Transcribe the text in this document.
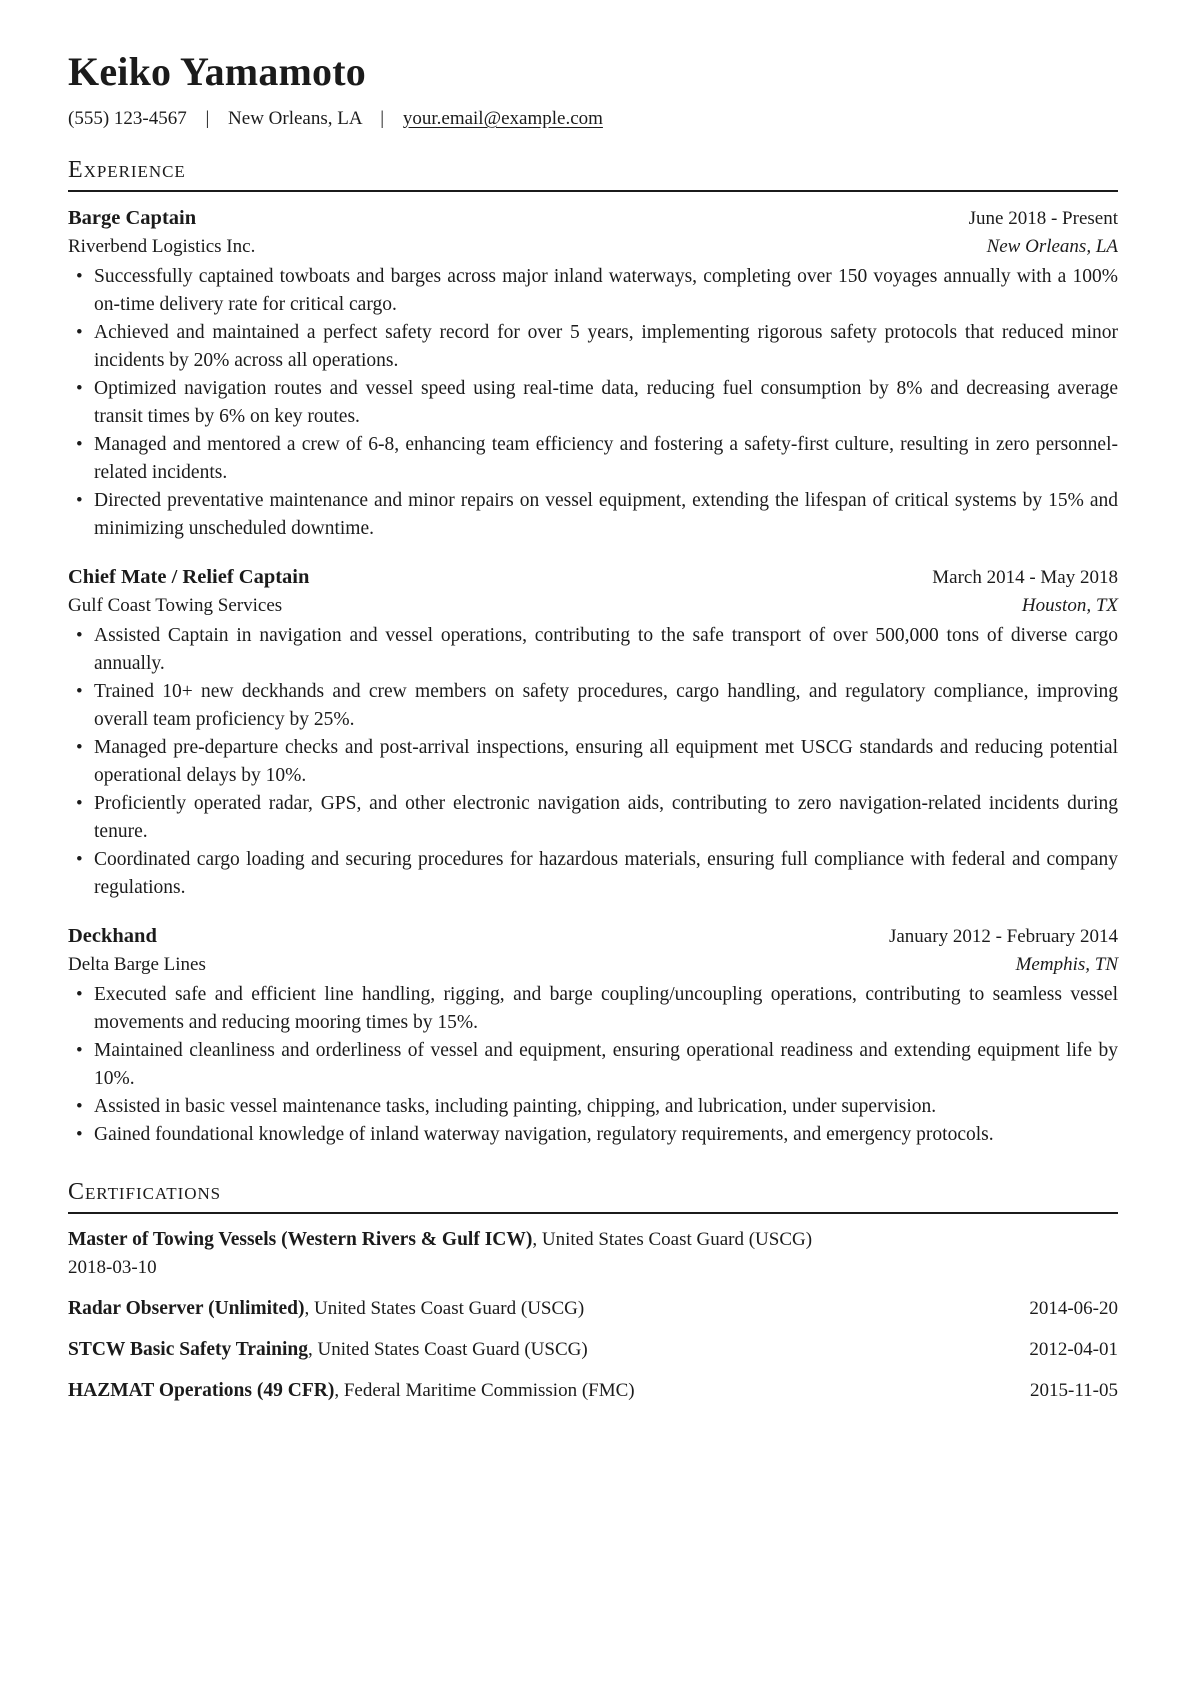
Keiko Yamamoto
(555) 123-4567 | New Orleans, LA | your.email@example.com
Experience
Barge Captain	June 2018 - Present
Riverbend Logistics Inc.	New Orleans, LA
• Successfully captained towboats and barges across major inland waterways, completing over 150 voyages annually with a 100% on-time delivery rate for critical cargo.
• Achieved and maintained a perfect safety record for over 5 years, implementing rigorous safety protocols that reduced minor incidents by 20% across all operations.
• Optimized navigation routes and vessel speed using real-time data, reducing fuel consumption by 8% and decreasing average transit times by 6% on key routes.
• Managed and mentored a crew of 6-8, enhancing team efficiency and fostering a safety-first culture, resulting in zero personnel-related incidents.
• Directed preventative maintenance and minor repairs on vessel equipment, extending the lifespan of critical systems by 15% and minimizing unscheduled downtime.
Chief Mate / Relief Captain	March 2014 - May 2018
Gulf Coast Towing Services	Houston, TX
• Assisted Captain in navigation and vessel operations, contributing to the safe transport of over 500,000 tons of diverse cargo annually.
• Trained 10+ new deckhands and crew members on safety procedures, cargo handling, and regulatory compliance, improving overall team proficiency by 25%.
• Managed pre-departure checks and post-arrival inspections, ensuring all equipment met USCG standards and reducing potential operational delays by 10%.
• Proficiently operated radar, GPS, and other electronic navigation aids, contributing to zero navigation-related incidents during tenure.
• Coordinated cargo loading and securing procedures for hazardous materials, ensuring full compliance with federal and company regulations.
Deckhand	January 2012 - February 2014
Delta Barge Lines	Memphis, TN
• Executed safe and efficient line handling, rigging, and barge coupling/uncoupling operations, contributing to seamless vessel movements and reducing mooring times by 15%.
• Maintained cleanliness and orderliness of vessel and equipment, ensuring operational readiness and extending equipment life by 10%.
• Assisted in basic vessel maintenance tasks, including painting, chipping, and lubrication, under supervision.
• Gained foundational knowledge of inland waterway navigation, regulatory requirements, and emergency protocols.
Certifications
Master of Towing Vessels (Western Rivers & Gulf ICW), United States Coast Guard (USCG)
2018-03-10
Radar Observer (Unlimited), United States Coast Guard (USCG)	2014-06-20
STCW Basic Safety Training, United States Coast Guard (USCG)	2012-04-01
HAZMAT Operations (49 CFR), Federal Maritime Commission (FMC)	2015-11-05
